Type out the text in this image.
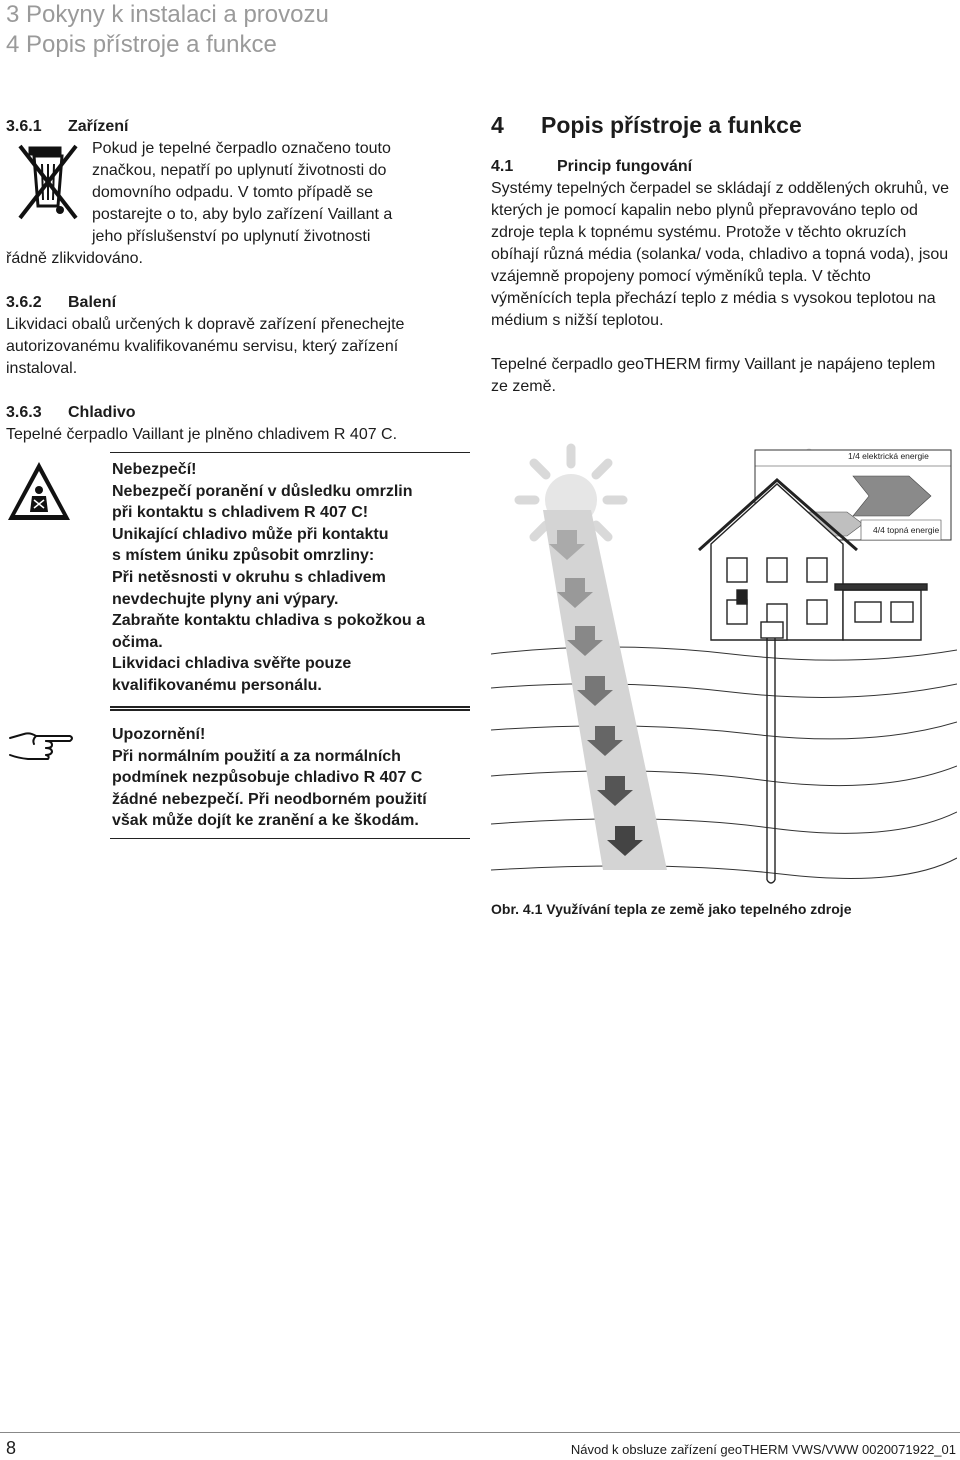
3 Pokyny k instalaci a provozu
4 Popis přístroje a funkce
3.6.1 Zařízení
Pokud je tepelné čerpadlo označeno touto
značkou, nepatří po uplynutí životnosti do
domovního odpadu. V tomto případě se
postarejte o to, aby bylo zařízení Vaillant a
jeho příslušenství po uplynutí životnosti
řádně zlikvidováno.
3.6.2 Balení
Likvidaci obalů určených k dopravě zařízení přenechejte autorizovanému kvalifikovanému servisu, který zařízení instaloval.
3.6.3 Chladivo
Tepelné čerpadlo Vaillant je plněno chladivem R 407 C.
Nebezpečí!
Nebezpečí poranění v důsledku omrzlin
při kontaktu s chladivem R 407 C!
Unikající chladivo může při kontaktu
s místem úniku způsobit omrzliny:
Při netěsnosti v okruhu s chladivem
nevdechujte plyny ani výpary.
Zabraňte kontaktu chladiva s pokožkou a
očima.
Likvidaci chladiva svěřte pouze
kvalifikovanému personálu.
Upozornění!
Při normálním použití a za normálních
podmínek nezpůsobuje chladivo R 407 C
žádné nebezpečí. Při neodborném použití
však může dojít ke zranění a ke škodám.
4 Popis přístroje a funkce
4.1	Princip fungování
Systémy tepelných čerpadel se skládají z oddělených okruhů, ve kterých je pomocí kapalin nebo plynů přepravováno teplo od zdroje tepla k topnému systému. Protože v těchto okruzích obíhají různá média (solanka/ voda, chladivo a topná voda), jsou vzájemně propojeny pomocí výměníků tepla. V těchto výměnících tepla přechází teplo z média s vysokou teplotou na médium s nižší teplotou.
Tepelné čerpadlo geoTHERM firmy Vaillant je napájeno teplem ze země.
1/4 elektrická energie
4/4 topná energie
Obr. 4.1 Využívání tepla ze země jako tepelného zdroje
8	Návod k obsluze zařízení geoTHERM VWS/VWW 0020071922_01
